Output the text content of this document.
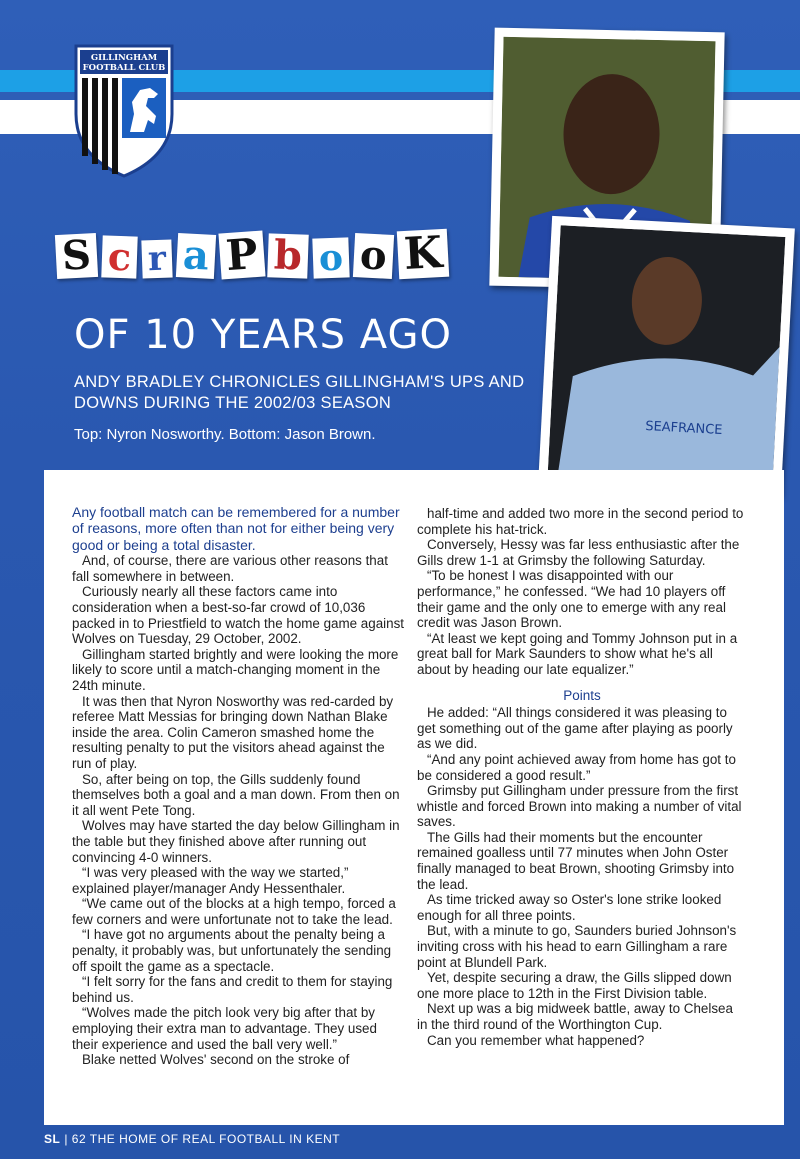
GILLINGHAM
FOOTBALL CLUB
SEAFRANCE
S c r a P b o o K
OF 10 YEARS AGO
ANDY BRADLEY CHRONICLES GILLINGHAM'S UPS AND DOWNS DURING THE 2002/03 SEASON
Top: Nyron Nosworthy. Bottom: Jason Brown.

Any football match can be remembered for a number of reasons, more often than not for either being very good or being a total disaster.

And, of course, there are various other reasons that fall somewhere in between.

Curiously nearly all these factors came into consideration when a best-so-far crowd of 10,036 packed in to Priestfield to watch the home game against Wolves on Tuesday, 29 October, 2002.

Gillingham started brightly and were looking the more likely to score until a match-changing moment in the 24th minute.

It was then that Nyron Nosworthy was red-carded by referee Matt Messias for bringing down Nathan Blake inside the area. Colin Cameron smashed home the resulting penalty to put the visitors ahead against the run of play.

So, after being on top, the Gills suddenly found themselves both a goal and a man down. From then on it all went Pete Tong.

Wolves may have started the day below Gillingham in the table but they finished above after running out convincing 4-0 winners.

“I was very pleased with the way we started,” explained player/manager Andy Hessenthaler.

“We came out of the blocks at a high tempo, forced a few corners and were unfortunate not to take the lead.

“I have got no arguments about the penalty being a penalty, it probably was, but unfortunately the sending off spoilt the game as a spectacle.

“I felt sorry for the fans and credit to them for staying behind us.

“Wolves made the pitch look very big after that by employing their extra man to advantage. They used their experience and used the ball very well.”

Blake netted Wolves' second on the stroke of

half-time and added two more in the second period to complete his hat-trick.

Conversely, Hessy was far less enthusiastic after the Gills drew 1-1 at Grimsby the following Saturday.

“To be honest I was disappointed with our performance,” he confessed. “We had 10 players off their game and the only one to emerge with any real credit was Jason Brown.

“At least we kept going and Tommy Johnson put in a great ball for Mark Saunders to show what he's all about by heading our late equalizer.”

Points

He added: “All things considered it was pleasing to get something out of the game after playing as poorly as we did.

“And any point achieved away from home has got to be considered a good result.”

Grimsby put Gillingham under pressure from the first whistle and forced Brown into making a number of vital saves.

The Gills had their moments but the encounter remained goalless until 77 minutes when John Oster finally managed to beat Brown, shooting Grimsby into the lead.

As time tricked away so Oster's lone strike looked enough for all three points.

But, with a minute to go, Saunders buried Johnson's inviting cross with his head to earn Gillingham a rare point at Blundell Park.

Yet, despite securing a draw, the Gills slipped down one more place to 12th in the First Division table.

Next up was a big midweek battle, away to Chelsea in the third round of the Worthington Cup.

Can you remember what happened?

SL | 62 THE HOME OF REAL FOOTBALL IN KENT
